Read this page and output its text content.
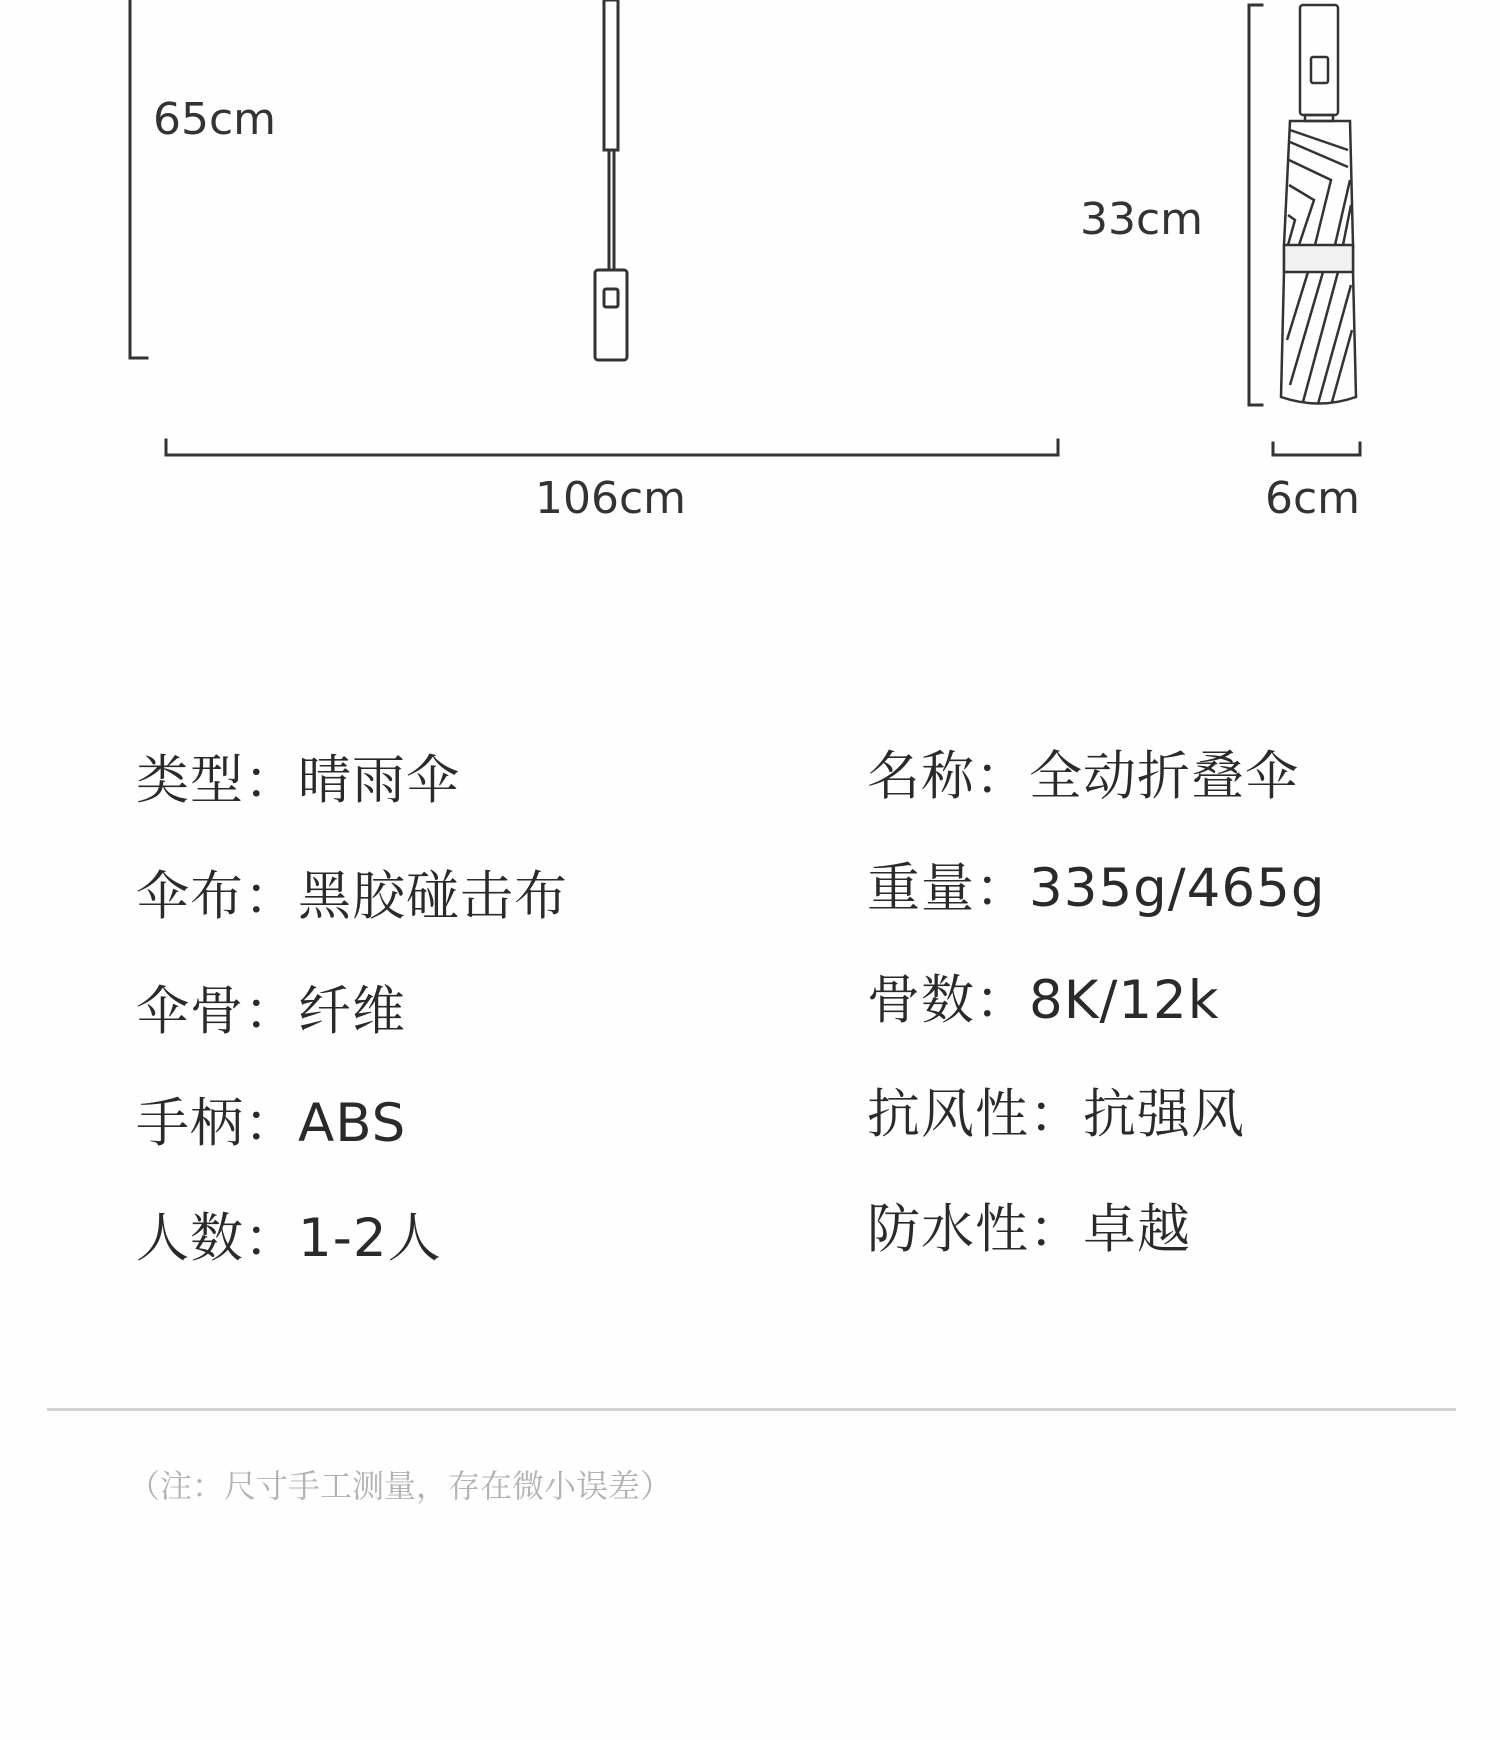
65cm
106cm
33cm
6cm
类型：晴雨伞
伞布：黑胶碰击布
伞骨：纤维
手柄：ABS
人数：1-2人
名称：全动折叠伞
重量：335g/465g
骨数：8K/12k
抗风性：抗强风
防水性：卓越
（注：尺寸手工测量，存在微小误差）
